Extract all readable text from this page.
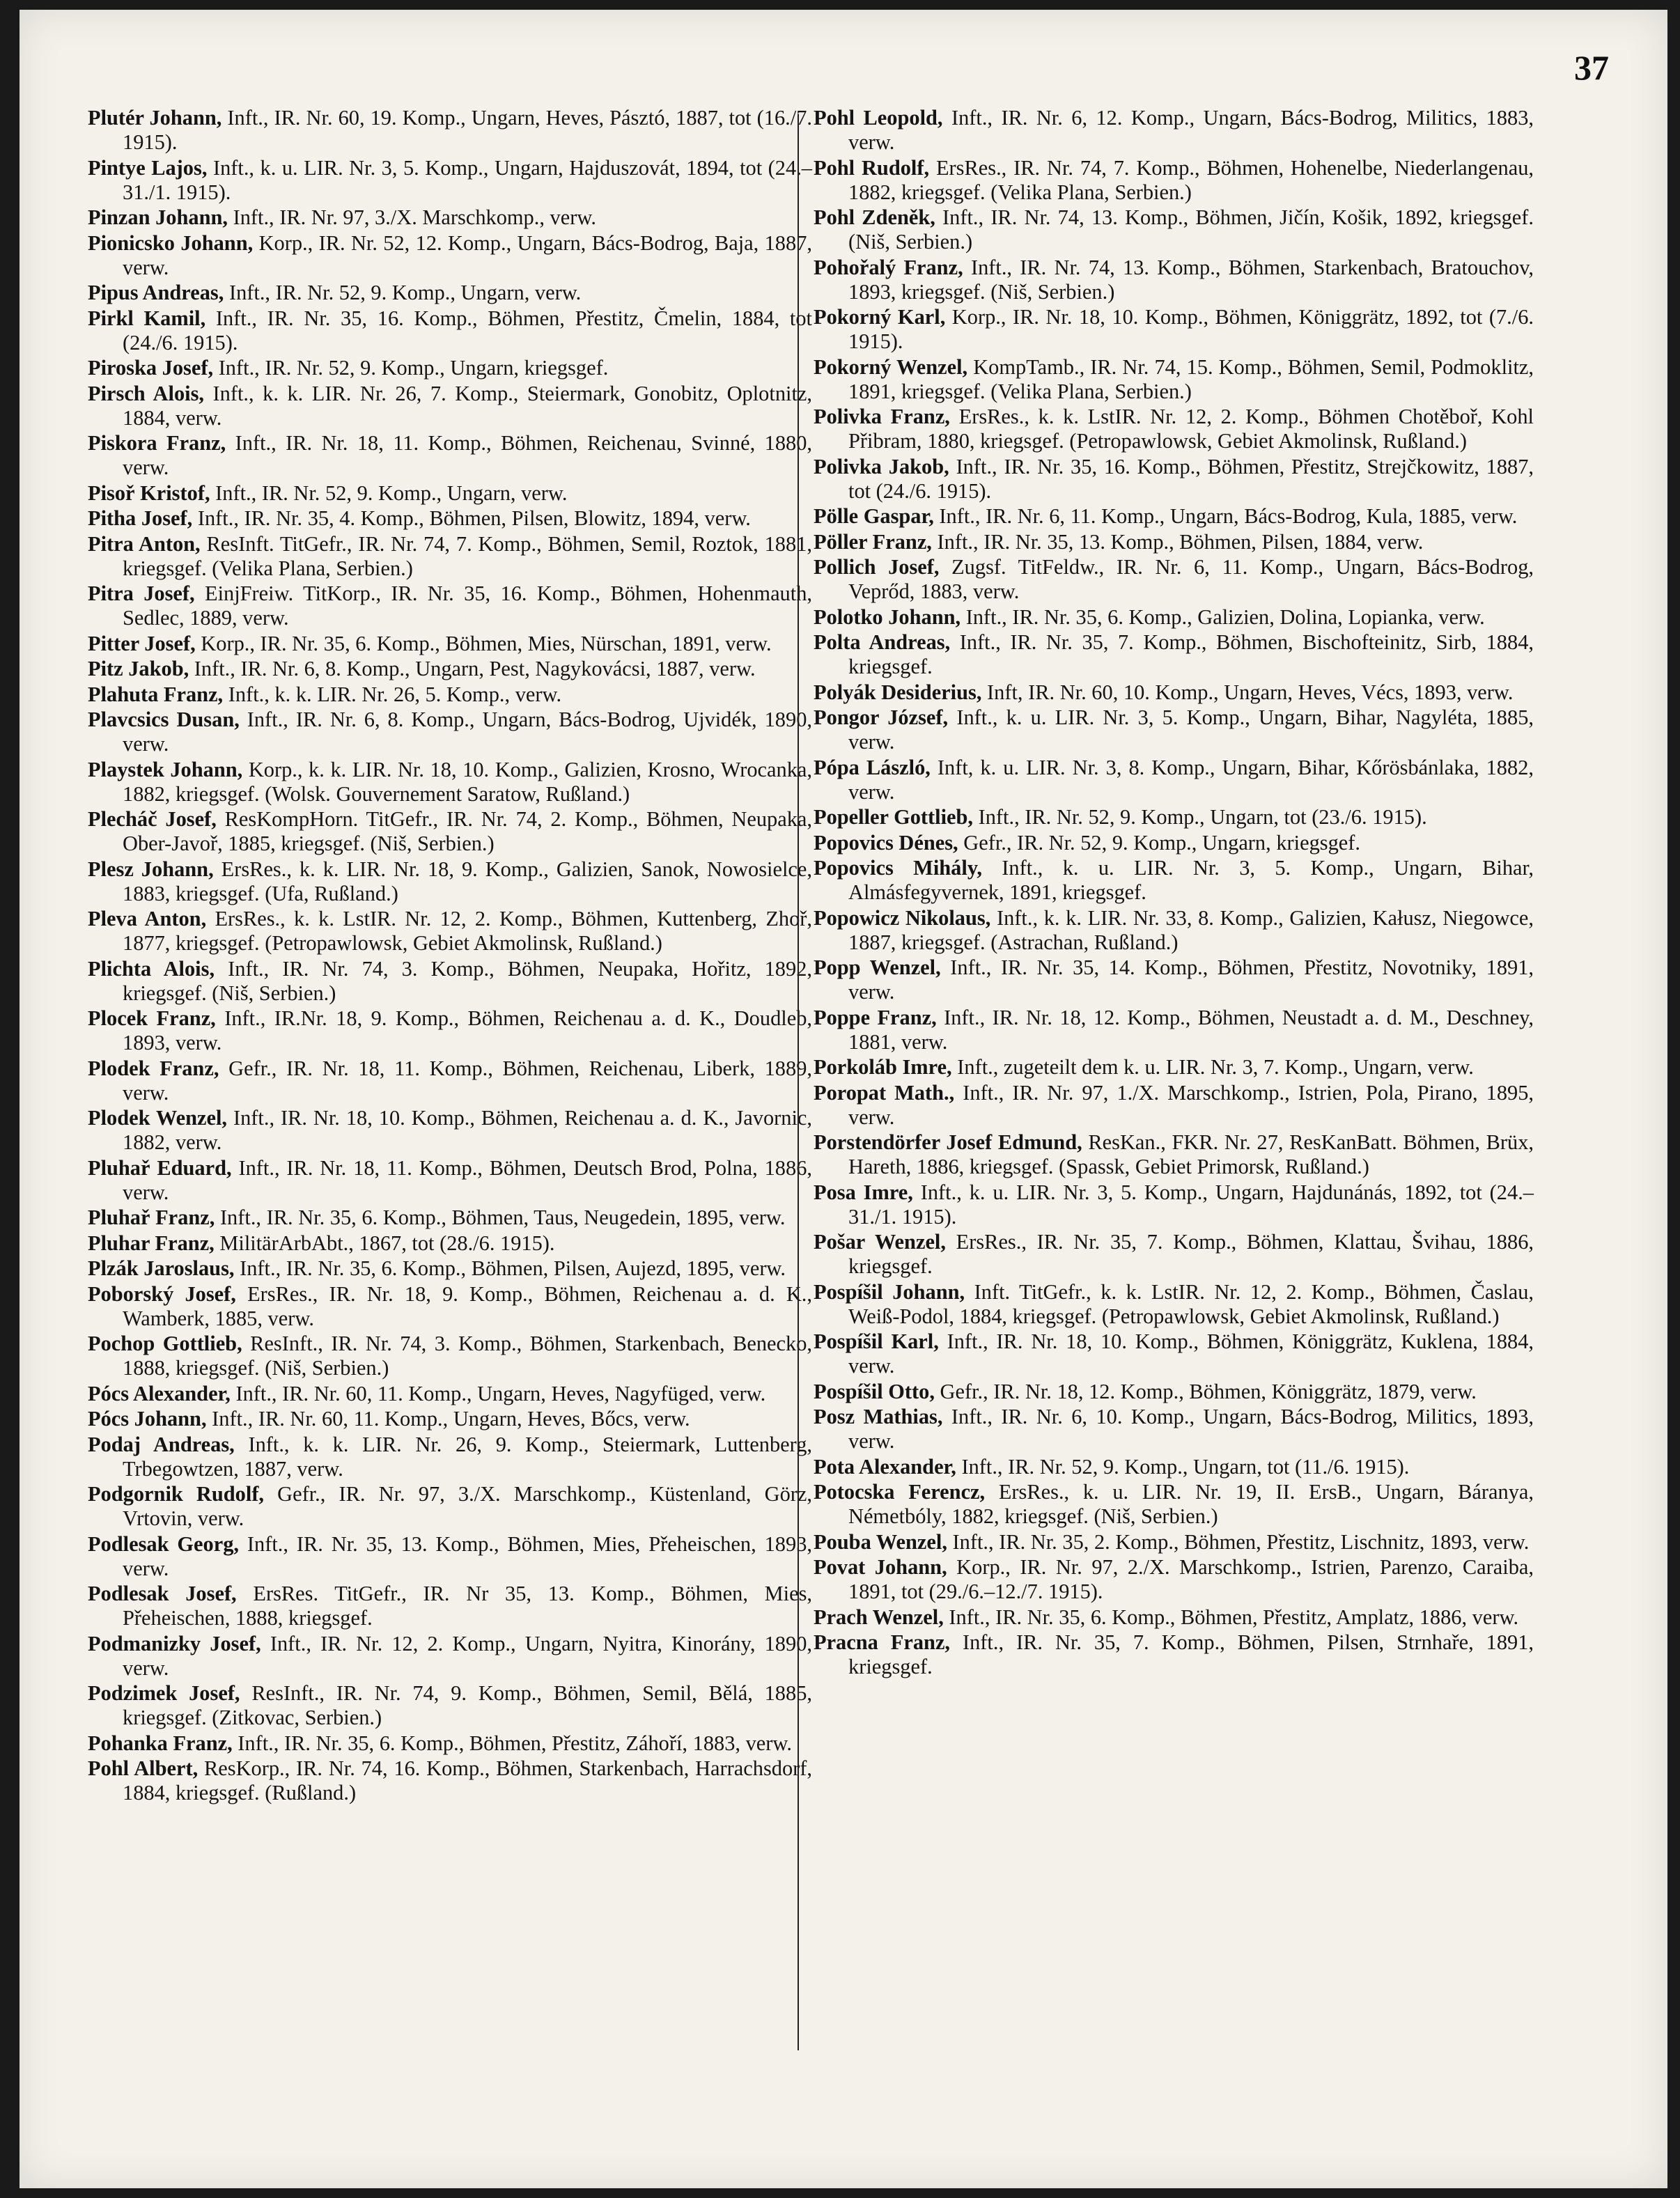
37

Plutér Johann, Inft., IR. Nr. 60, 19. Komp., Ungarn, Heves, Pásztó, 1887, tot (16./7. 1915).

Pintye Lajos, Inft., k. u. LIR. Nr. 3, 5. Komp., Ungarn, Hajduszovát, 1894, tot (24.–31./1. 1915).

Pinzan Johann, Inft., IR. Nr. 97, 3./X. Marschkomp., verw.

Pionicsko Johann, Korp., IR. Nr. 52, 12. Komp., Ungarn, Bács-Bodrog, Baja, 1887, verw.

Pipus Andreas, Inft., IR. Nr. 52, 9. Komp., Ungarn, verw.

Pirkl Kamil, Inft., IR. Nr. 35, 16. Komp., Böhmen, Přestitz, Čmelin, 1884, tot (24./6. 1915).

Piroska Josef, Inft., IR. Nr. 52, 9. Komp., Ungarn, kriegsgef.

Pirsch Alois, Inft., k. k. LIR. Nr. 26, 7. Komp., Steiermark, Gonobitz, Oplotnitz, 1884, verw.

Piskora Franz, Inft., IR. Nr. 18, 11. Komp., Böhmen, Reichenau, Svinné, 1880, verw.

Pisoř Kristof, Inft., IR. Nr. 52, 9. Komp., Ungarn, verw.

Pitha Josef, Inft., IR. Nr. 35, 4. Komp., Böhmen, Pilsen, Blowitz, 1894, verw.

Pitra Anton, ResInft. TitGefr., IR. Nr. 74, 7. Komp., Böhmen, Semil, Roztok, 1881, kriegsgef. (Velika Plana, Serbien.)

Pitra Josef, EinjFreiw. TitKorp., IR. Nr. 35, 16. Komp., Böhmen, Hohenmauth, Sedlec, 1889, verw.

Pitter Josef, Korp., IR. Nr. 35, 6. Komp., Böhmen, Mies, Nürschan, 1891, verw.

Pitz Jakob, Inft., IR. Nr. 6, 8. Komp., Ungarn, Pest, Nagykovácsi, 1887, verw.

Plahuta Franz, Inft., k. k. LIR. Nr. 26, 5. Komp., verw.

Plavcsics Dusan, Inft., IR. Nr. 6, 8. Komp., Ungarn, Bács-Bodrog, Ujvidék, 1890, verw.

Playstek Johann, Korp., k. k. LIR. Nr. 18, 10. Komp., Galizien, Krosno, Wrocanka, 1882, kriegsgef. (Wolsk. Gouvernement Saratow, Rußland.)

Plecháč Josef, ResKompHorn. TitGefr., IR. Nr. 74, 2. Komp., Böhmen, Neupaka, Ober-Javoř, 1885, kriegsgef. (Niš, Serbien.)

Plesz Johann, ErsRes., k. k. LIR. Nr. 18, 9. Komp., Galizien, Sanok, Nowosielce, 1883, kriegsgef. (Ufa, Rußland.)

Pleva Anton, ErsRes., k. k. LstIR. Nr. 12, 2. Komp., Böhmen, Kuttenberg, Zhoř, 1877, kriegsgef. (Petropawlowsk, Gebiet Akmolinsk, Rußland.)

Plichta Alois, Inft., IR. Nr. 74, 3. Komp., Böhmen, Neupaka, Hořitz, 1892, kriegsgef. (Niš, Serbien.)

Plocek Franz, Inft., IR.Nr. 18, 9. Komp., Böhmen, Reichenau a. d. K., Doudleb, 1893, verw.

Plodek Franz, Gefr., IR. Nr. 18, 11. Komp., Böhmen, Reichenau, Liberk, 1889, verw.

Plodek Wenzel, Inft., IR. Nr. 18, 10. Komp., Böhmen, Reichenau a. d. K., Javornic, 1882, verw.

Pluhař Eduard, Inft., IR. Nr. 18, 11. Komp., Böhmen, Deutsch Brod, Polna, 1886, verw.

Pluhař Franz, Inft., IR. Nr. 35, 6. Komp., Böhmen, Taus, Neugedein, 1895, verw.

Pluhar Franz, MilitärArbAbt., 1867, tot (28./6. 1915).

Plzák Jaroslaus, Inft., IR. Nr. 35, 6. Komp., Böhmen, Pilsen, Aujezd, 1895, verw.

Poborský Josef, ErsRes., IR. Nr. 18, 9. Komp., Böhmen, Reichenau a. d. K., Wamberk, 1885, verw.

Pochop Gottlieb, ResInft., IR. Nr. 74, 3. Komp., Böhmen, Starkenbach, Benecko, 1888, kriegsgef. (Niš, Serbien.)

Pócs Alexander, Inft., IR. Nr. 60, 11. Komp., Ungarn, Heves, Nagyfüged, verw.

Pócs Johann, Inft., IR. Nr. 60, 11. Komp., Ungarn, Heves, Bőcs, verw.

Podaj Andreas, Inft., k. k. LIR. Nr. 26, 9. Komp., Steiermark, Luttenberg, Trbegowtzen, 1887, verw.

Podgornik Rudolf, Gefr., IR. Nr. 97, 3./X. Marschkomp., Küstenland, Görz, Vrtovin, verw.

Podlesak Georg, Inft., IR. Nr. 35, 13. Komp., Böhmen, Mies, Přeheischen, 1893, verw.

Podlesak Josef, ErsRes. TitGefr., IR. Nr 35, 13. Komp., Böhmen, Mies, Přeheischen, 1888, kriegsgef.

Podmanizky Josef, Inft., IR. Nr. 12, 2. Komp., Ungarn, Nyitra, Kinorány, 1890, verw.

Podzimek Josef, ResInft., IR. Nr. 74, 9. Komp., Böhmen, Semil, Bělá, 1885, kriegsgef. (Zitkovac, Serbien.)

Pohanka Franz, Inft., IR. Nr. 35, 6. Komp., Böhmen, Přestitz, Záhoří, 1883, verw.

Pohl Albert, ResKorp., IR. Nr. 74, 16. Komp., Böhmen, Starkenbach, Harrachsdorf, 1884, kriegsgef. (Rußland.)

Pohl Leopold, Inft., IR. Nr. 6, 12. Komp., Ungarn, Bács-Bodrog, Militics, 1883, verw.

Pohl Rudolf, ErsRes., IR. Nr. 74, 7. Komp., Böhmen, Hohenelbe, Niederlangenau, 1882, kriegsgef. (Velika Plana, Serbien.)

Pohl Zdeněk, Inft., IR. Nr. 74, 13. Komp., Böhmen, Jičín, Košik, 1892, kriegsgef. (Niš, Serbien.)

Pohořalý Franz, Inft., IR. Nr. 74, 13. Komp., Böhmen, Starkenbach, Bratouchov, 1893, kriegsgef. (Niš, Serbien.)

Pokorný Karl, Korp., IR. Nr. 18, 10. Komp., Böhmen, Königgrätz, 1892, tot (7./6. 1915).

Pokorný Wenzel, KompTamb., IR. Nr. 74, 15. Komp., Böhmen, Semil, Podmoklitz, 1891, kriegsgef. (Velika Plana, Serbien.)

Polivka Franz, ErsRes., k. k. LstIR. Nr. 12, 2. Komp., Böhmen Chotěboř, Kohl Přibram, 1880, kriegsgef. (Petropawlowsk, Gebiet Akmolinsk, Rußland.)

Polivka Jakob, Inft., IR. Nr. 35, 16. Komp., Böhmen, Přestitz, Strejčkowitz, 1887, tot (24./6. 1915).

Pölle Gaspar, Inft., IR. Nr. 6, 11. Komp., Ungarn, Bács-Bodrog, Kula, 1885, verw.

Pöller Franz, Inft., IR. Nr. 35, 13. Komp., Böhmen, Pilsen, 1884, verw.

Pollich Josef, Zugsf. TitFeldw., IR. Nr. 6, 11. Komp., Ungarn, Bács-Bodrog, Veprőd, 1883, verw.

Polotko Johann, Inft., IR. Nr. 35, 6. Komp., Galizien, Dolina, Lopianka, verw.

Polta Andreas, Inft., IR. Nr. 35, 7. Komp., Böhmen, Bischofteinitz, Sirb, 1884, kriegsgef.

Polyák Desiderius, Inft, IR. Nr. 60, 10. Komp., Ungarn, Heves, Vécs, 1893, verw.

Pongor József, Inft., k. u. LIR. Nr. 3, 5. Komp., Ungarn, Bihar, Nagyléta, 1885, verw.

Pópa László, Inft, k. u. LIR. Nr. 3, 8. Komp., Ungarn, Bihar, Kőrösbánlaka, 1882, verw.

Popeller Gottlieb, Inft., IR. Nr. 52, 9. Komp., Ungarn, tot (23./6. 1915).

Popovics Dénes, Gefr., IR. Nr. 52, 9. Komp., Ungarn, kriegsgef.

Popovics Mihály, Inft., k. u. LIR. Nr. 3, 5. Komp., Ungarn, Bihar, Almásfegyvernek, 1891, kriegsgef.

Popowicz Nikolaus, Inft., k. k. LIR. Nr. 33, 8. Komp., Galizien, Kałusz, Niegowce, 1887, kriegsgef. (Astrachan, Rußland.)

Popp Wenzel, Inft., IR. Nr. 35, 14. Komp., Böhmen, Přestitz, Novotniky, 1891, verw.

Poppe Franz, Inft., IR. Nr. 18, 12. Komp., Böhmen, Neustadt a. d. M., Deschney, 1881, verw.

Porkoláb Imre, Inft., zugeteilt dem k. u. LIR. Nr. 3, 7. Komp., Ungarn, verw.

Poropat Math., Inft., IR. Nr. 97, 1./X. Marschkomp., Istrien, Pola, Pirano, 1895, verw.

Porstendörfer Josef Edmund, ResKan., FKR. Nr. 27, ResKanBatt. Böhmen, Brüx, Hareth, 1886, kriegsgef. (Spassk, Gebiet Primorsk, Rußland.)

Posa Imre, Inft., k. u. LIR. Nr. 3, 5. Komp., Ungarn, Hajdunánás, 1892, tot (24.–31./1. 1915).

Pošar Wenzel, ErsRes., IR. Nr. 35, 7. Komp., Böhmen, Klattau, Švihau, 1886, kriegsgef.

Pospíšil Johann, Inft. TitGefr., k. k. LstIR. Nr. 12, 2. Komp., Böhmen, Časlau, Weiß-Podol, 1884, kriegsgef. (Petropawlowsk, Gebiet Akmolinsk, Rußland.)

Pospíšil Karl, Inft., IR. Nr. 18, 10. Komp., Böhmen, Königgrätz, Kuklena, 1884, verw.

Pospíšil Otto, Gefr., IR. Nr. 18, 12. Komp., Böhmen, Königgrätz, 1879, verw.

Posz Mathias, Inft., IR. Nr. 6, 10. Komp., Ungarn, Bács-Bodrog, Militics, 1893, verw.

Pota Alexander, Inft., IR. Nr. 52, 9. Komp., Ungarn, tot (11./6. 1915).

Potocska Ferencz, ErsRes., k. u. LIR. Nr. 19, II. ErsB., Ungarn, Báranya, Németbóly, 1882, kriegsgef. (Niš, Serbien.)

Pouba Wenzel, Inft., IR. Nr. 35, 2. Komp., Böhmen, Přestitz, Lischnitz, 1893, verw.

Povat Johann, Korp., IR. Nr. 97, 2./X. Marschkomp., Istrien, Parenzo, Caraiba, 1891, tot (29./6.–12./7. 1915).

Prach Wenzel, Inft., IR. Nr. 35, 6. Komp., Böhmen, Přestitz, Amplatz, 1886, verw.

Pracna Franz, Inft., IR. Nr. 35, 7. Komp., Böhmen, Pilsen, Strnhaře, 1891, kriegsgef.
